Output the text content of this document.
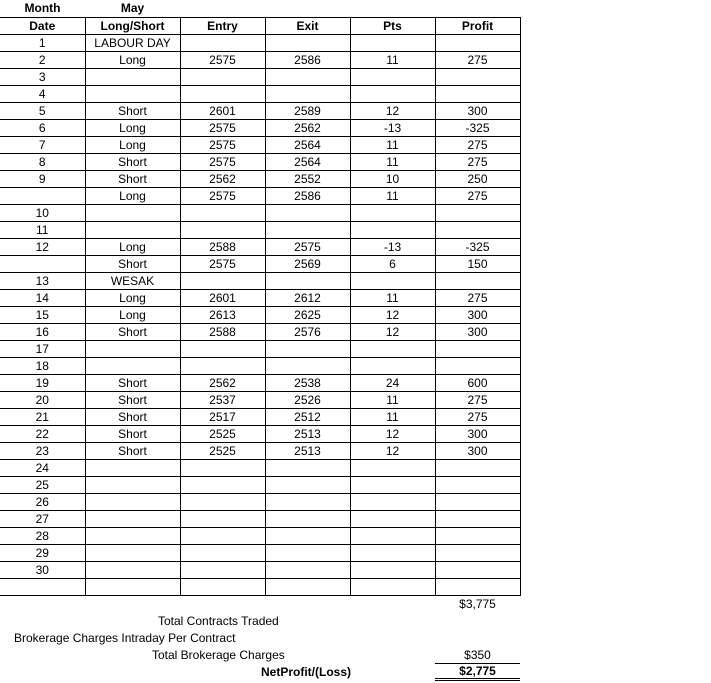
Month	May
Date	Long/Short	Entry	Exit	Pts	Profit
1	LABOUR DAY				
2	Long	2575	2586	11	275
3					
4					
5	Short	2601	2589	12	300
6	Long	2575	2562	-13	-325
7	Long	2575	2564	11	275
8	Short	2575	2564	11	275
9	Short	2562	2552	10	250
	Long	2575	2586	11	275
10					
11					
12	Long	2588	2575	-13	-325
	Short	2575	2569	6	150
13	WESAK				
14	Long	2601	2612	11	275
15	Long	2613	2625	12	300
16	Short	2588	2576	12	300
17					
18					
19	Short	2562	2538	24	600
20	Short	2537	2526	11	275
21	Short	2517	2512	11	275
22	Short	2525	2513	12	300
23	Short	2525	2513	12	300
24					
25					
26					
27					
28					
29					
30					

$3,775
Total Contracts Traded
Brokerage Charges Intraday Per Contract
Total Brokerage Charges	$350
NetProfit/(Loss)	$2,775
